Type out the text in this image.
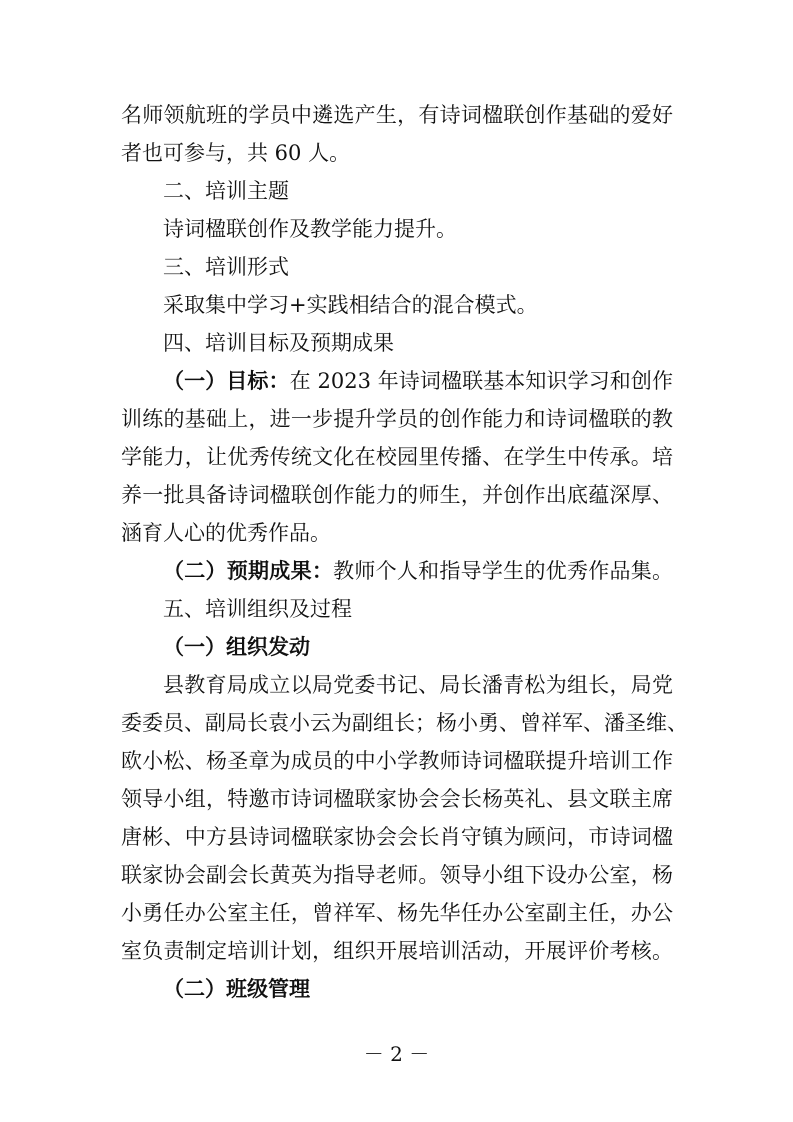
名师领航班的学员中遴选产生，有诗词楹联创作基础的爱好
者也可参与，共 60 人。
二、培训主题
诗词楹联创作及教学能力提升。
三、培训形式
采取集中学习+实践相结合的混合模式。
四、培训目标及预期成果
（一）目标：在 2023 年诗词楹联基本知识学习和创作
训练的基础上，进一步提升学员的创作能力和诗词楹联的教
学能力，让优秀传统文化在校园里传播、在学生中传承。培
养一批具备诗词楹联创作能力的师生，并创作出底蕴深厚、
涵育人心的优秀作品。
（二）预期成果：教师个人和指导学生的优秀作品集。
五、培训组织及过程
（一）组织发动
县教育局成立以局党委书记、局长潘青松为组长，局党
委委员、副局长袁小云为副组长；杨小勇、曾祥军、潘圣维、
欧小松、杨圣章为成员的中小学教师诗词楹联提升培训工作
领导小组，特邀市诗词楹联家协会会长杨英礼、县文联主席
唐彬、中方县诗词楹联家协会会长肖守镇为顾问，市诗词楹
联家协会副会长黄英为指导老师。领导小组下设办公室，杨
小勇任办公室主任，曾祥军、杨先华任办公室副主任，办公
室负责制定培训计划，组织开展培训活动，开展评价考核。
（二）班级管理
－ 2 －
